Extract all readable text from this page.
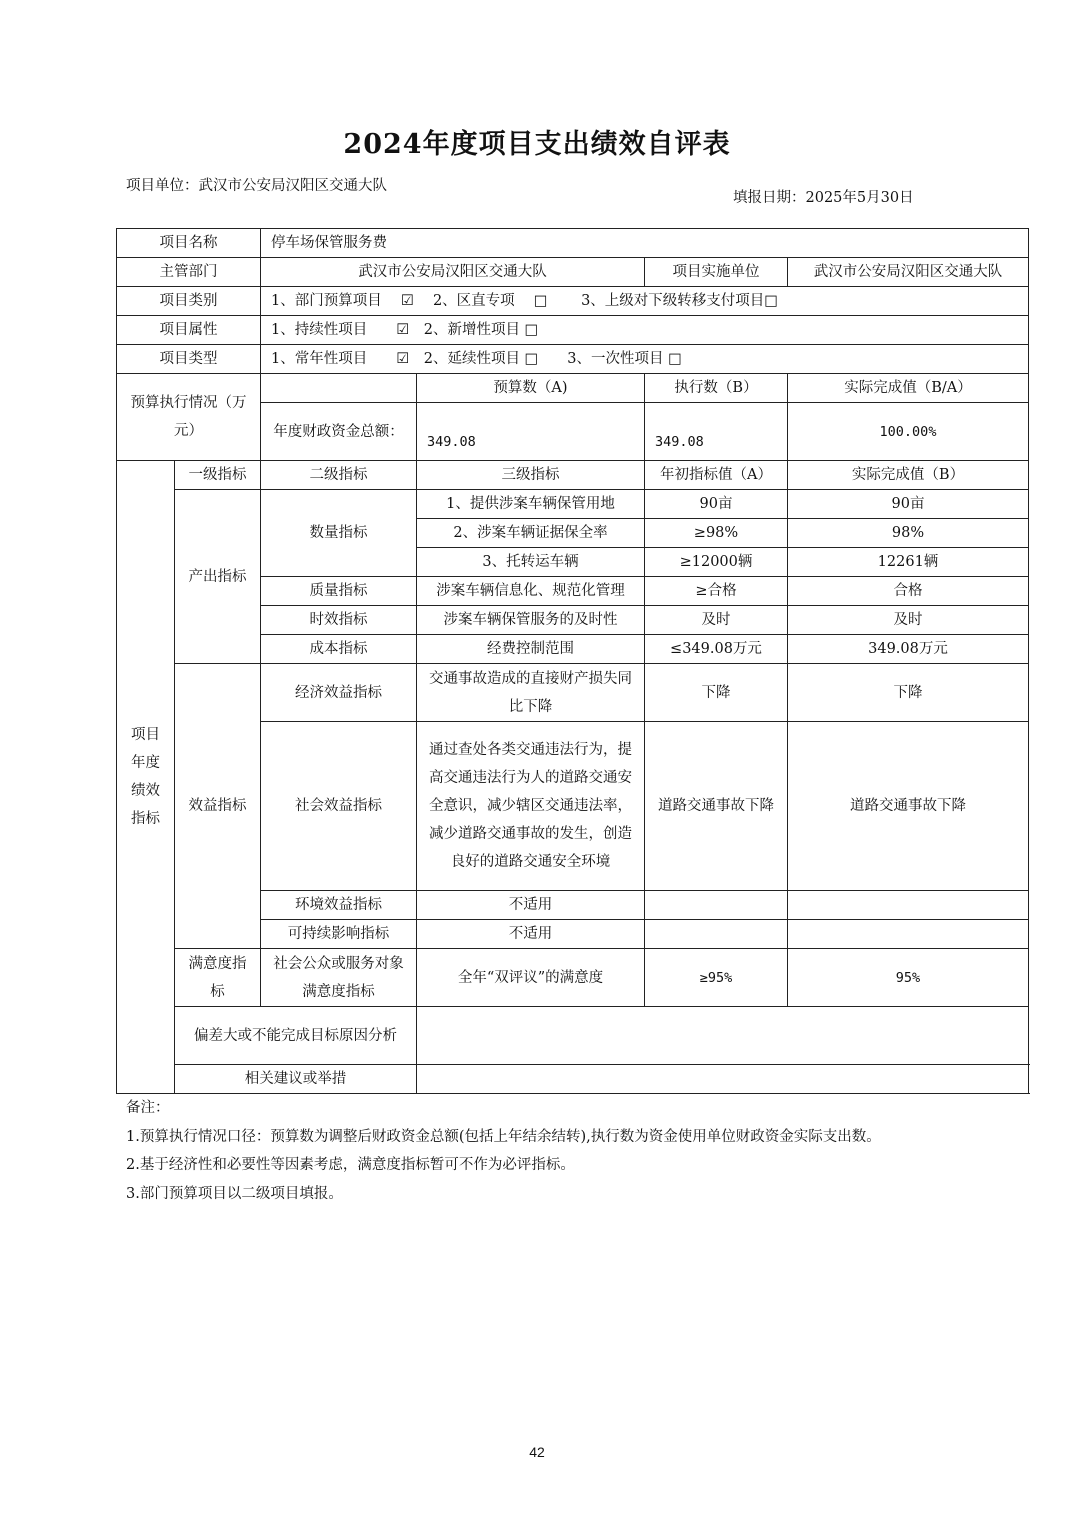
2024年度项目支出绩效自评表
项目单位：武汉市公安局汉阳区交通大队
填报日期：2025年5月30日
项目名称		停车场保管服务费			
主管部门		武汉市公安局汉阳区交通大队		项目实施单位	武汉市公安局汉阳区交通大队
项目类别		1、部门预算项目　 ☑　 2、区直专项　 □　　 3、上级对下级转移支付项目□			
项目属性		1、持续性项目　　☑　2、新增性项目 □			
项目类型		1、常年性项目　　☑　2、延续性项目 □　　3、一次性项目 □			
预算执行情况（万元）			预算数（A)	执行数（B）	实际完成值（B/A）
		年度财政资金总额：	349.08	349.08	100.00%
项目年度绩效指标	一级指标	二级指标	三级指标	年初指标值（A）	实际完成值（B）
	产出指标	数量指标	1、提供涉案车辆保管用地	90亩	90亩
			2、涉案车辆证据保全率	≥98%	98%
			3、托转运车辆	≥12000辆	12261辆
		质量指标	涉案车辆信息化、规范化管理	≥合格	合格
		时效指标	涉案车辆保管服务的及时性	及时	及时
		成本指标	经费控制范围	≤349.08万元	349.08万元
	效益指标	经济效益指标	交通事故造成的直接财产损失同比下降	下降	下降
		社会效益指标	通过查处各类交通违法行为，提高交通违法行为人的道路交通安全意识，减少辖区交通违法率，减少道路交通事故的发生，创造良好的道路交通安全环境	道路交通事故下降	道路交通事故下降
		环境效益指标	不适用		
		可持续影响指标	不适用		
	满意度指标	社会公众或服务对象满意度指标	全年“双评议”的满意度	≥95%	95%
	偏差大或不能完成目标原因分析				
	相关建议或举措				
备注：
1.预算执行情况口径：预算数为调整后财政资金总额(包括上年结余结转),执行数为资金使用单位财政资金实际支出数。
2.基于经济性和必要性等因素考虑，满意度指标暂可不作为必评指标。
3.部门预算项目以二级项目填报。
42
